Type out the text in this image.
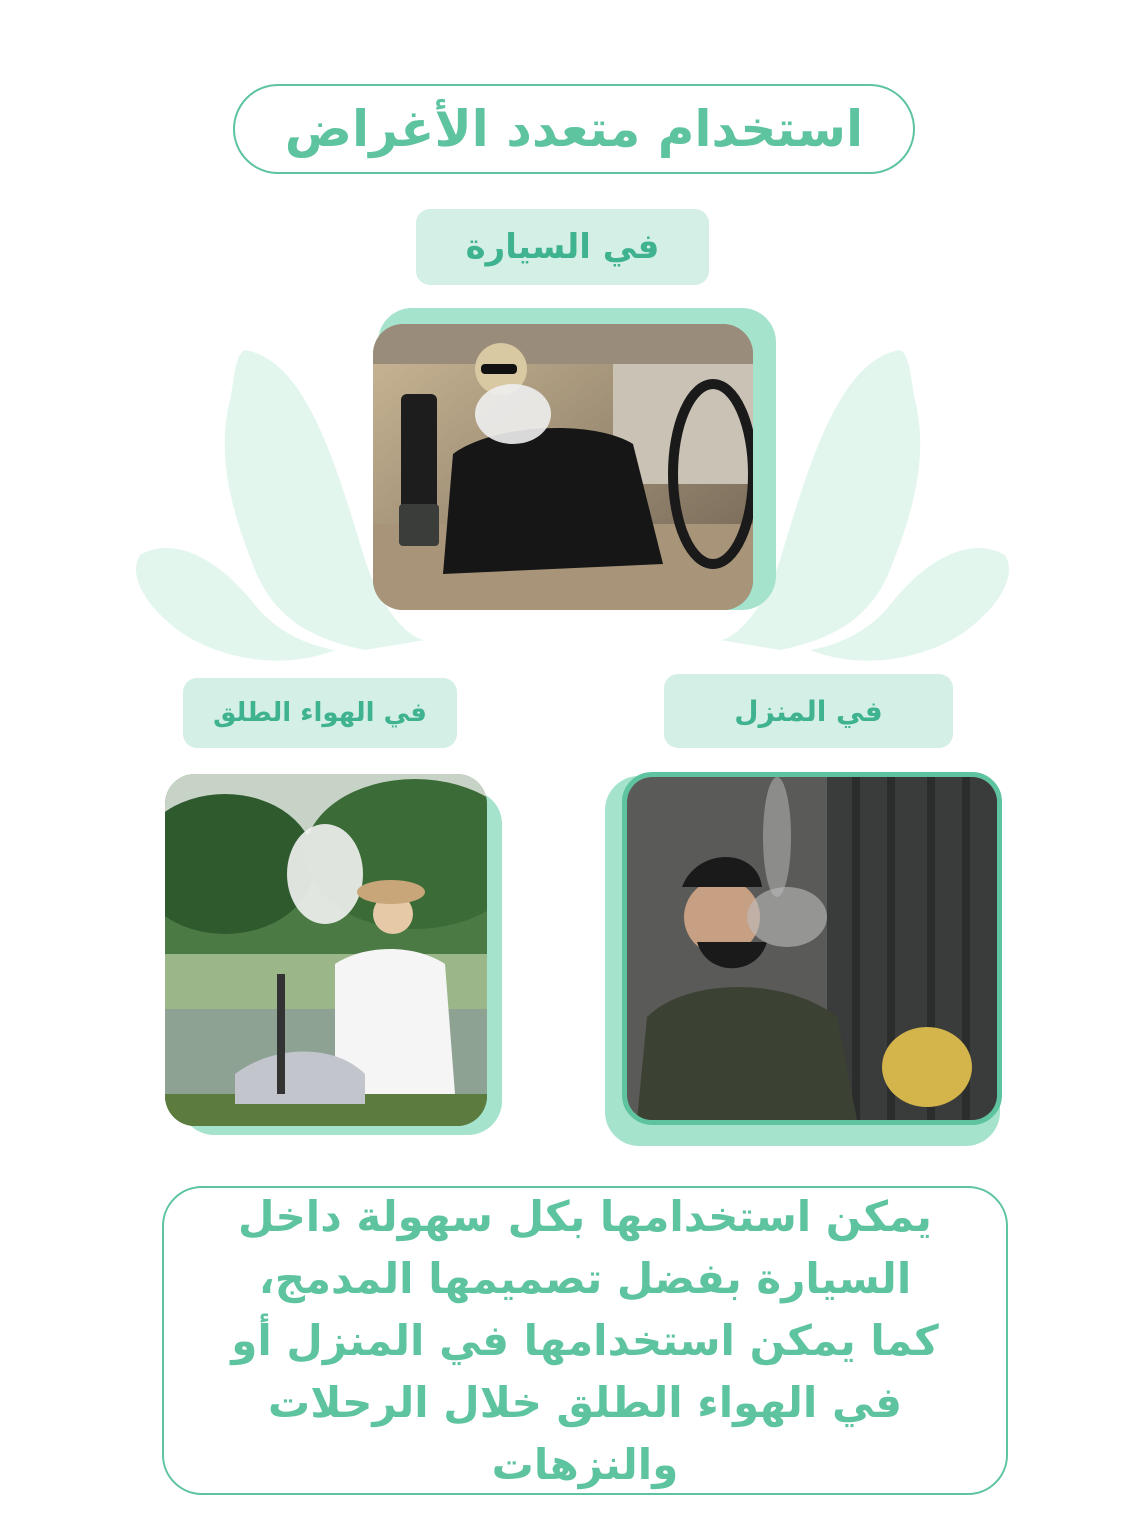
استخدام متعدد الأغراض
في السيارة
في الهواء الطلق	في المنزل
يمكن استخدامها بكل سهولة داخل السيارة بفضل تصميمها المدمج، كما يمكن استخدامها في المنزل أو في الهواء الطلق خلال الرحلات والنزهات
